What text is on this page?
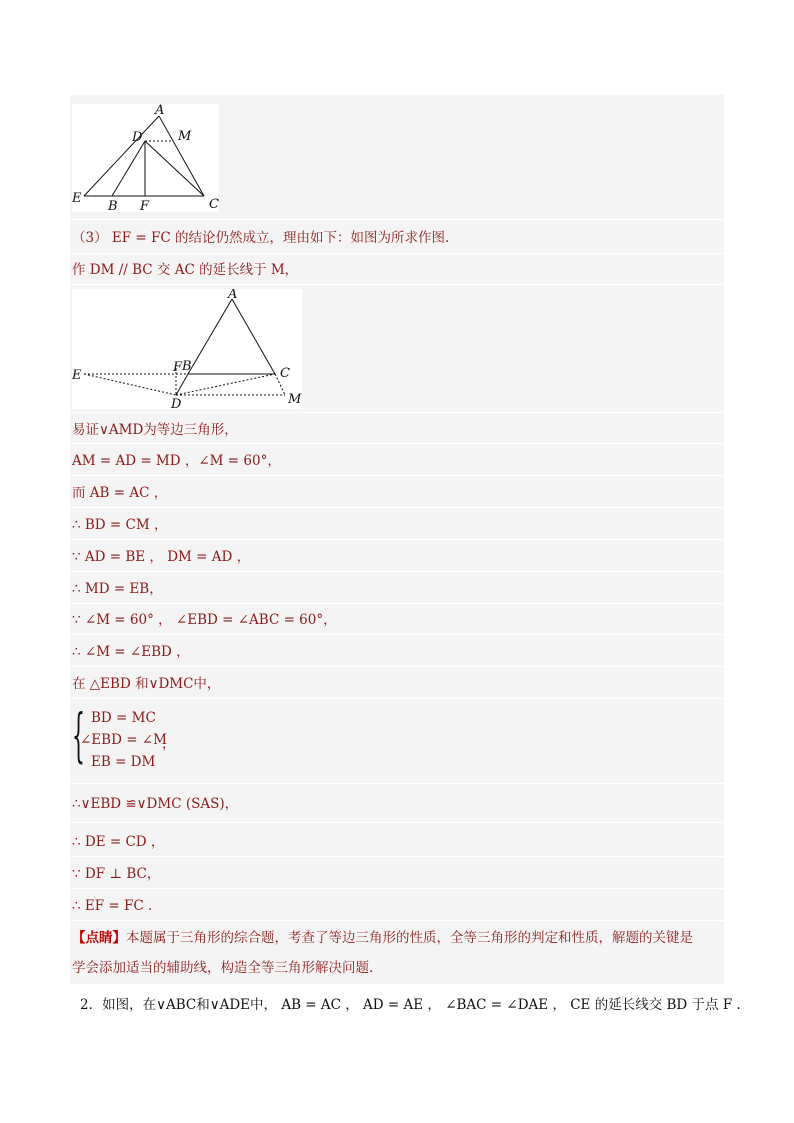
A
D	M
E
B F	C
（3） EF = FC 的结论仍然成立，理由如下：如图为所求作图.
作 DM // BC 交 AC 的延长线于 M，
A
F B	C
E
D	M
易证∨AMD为等边三角形，
AM = AD = MD ，∠M = 60°，
而 AB = AC ，
∴ BD = CM ，
∵ AD = BE ， DM = AD ，
∴ MD = EB，
∵ ∠M = 60° ， ∠EBD = ∠ABC = 60°，
∴ ∠M = ∠EBD ，
在 △EBD 和∨DMC中，
{ BD = MC
∠EBD = ∠M
EB = DM
，
∴∨EBD ≌∨DMC (SAS)，
∴ DE = CD ，
∵ DF ⊥ BC，
∴ EF = FC .
【点睛】本题属于三角形的综合题，考查了等边三角形的性质，全等三角形的判定和性质，解题的关键是
学会添加适当的辅助线，构造全等三角形解决问题.
2．如图，在∨ABC和∨ADE中， AB = AC ， AD = AE ， ∠BAC = ∠DAE ， CE 的延长线交 BD 于点 F .
